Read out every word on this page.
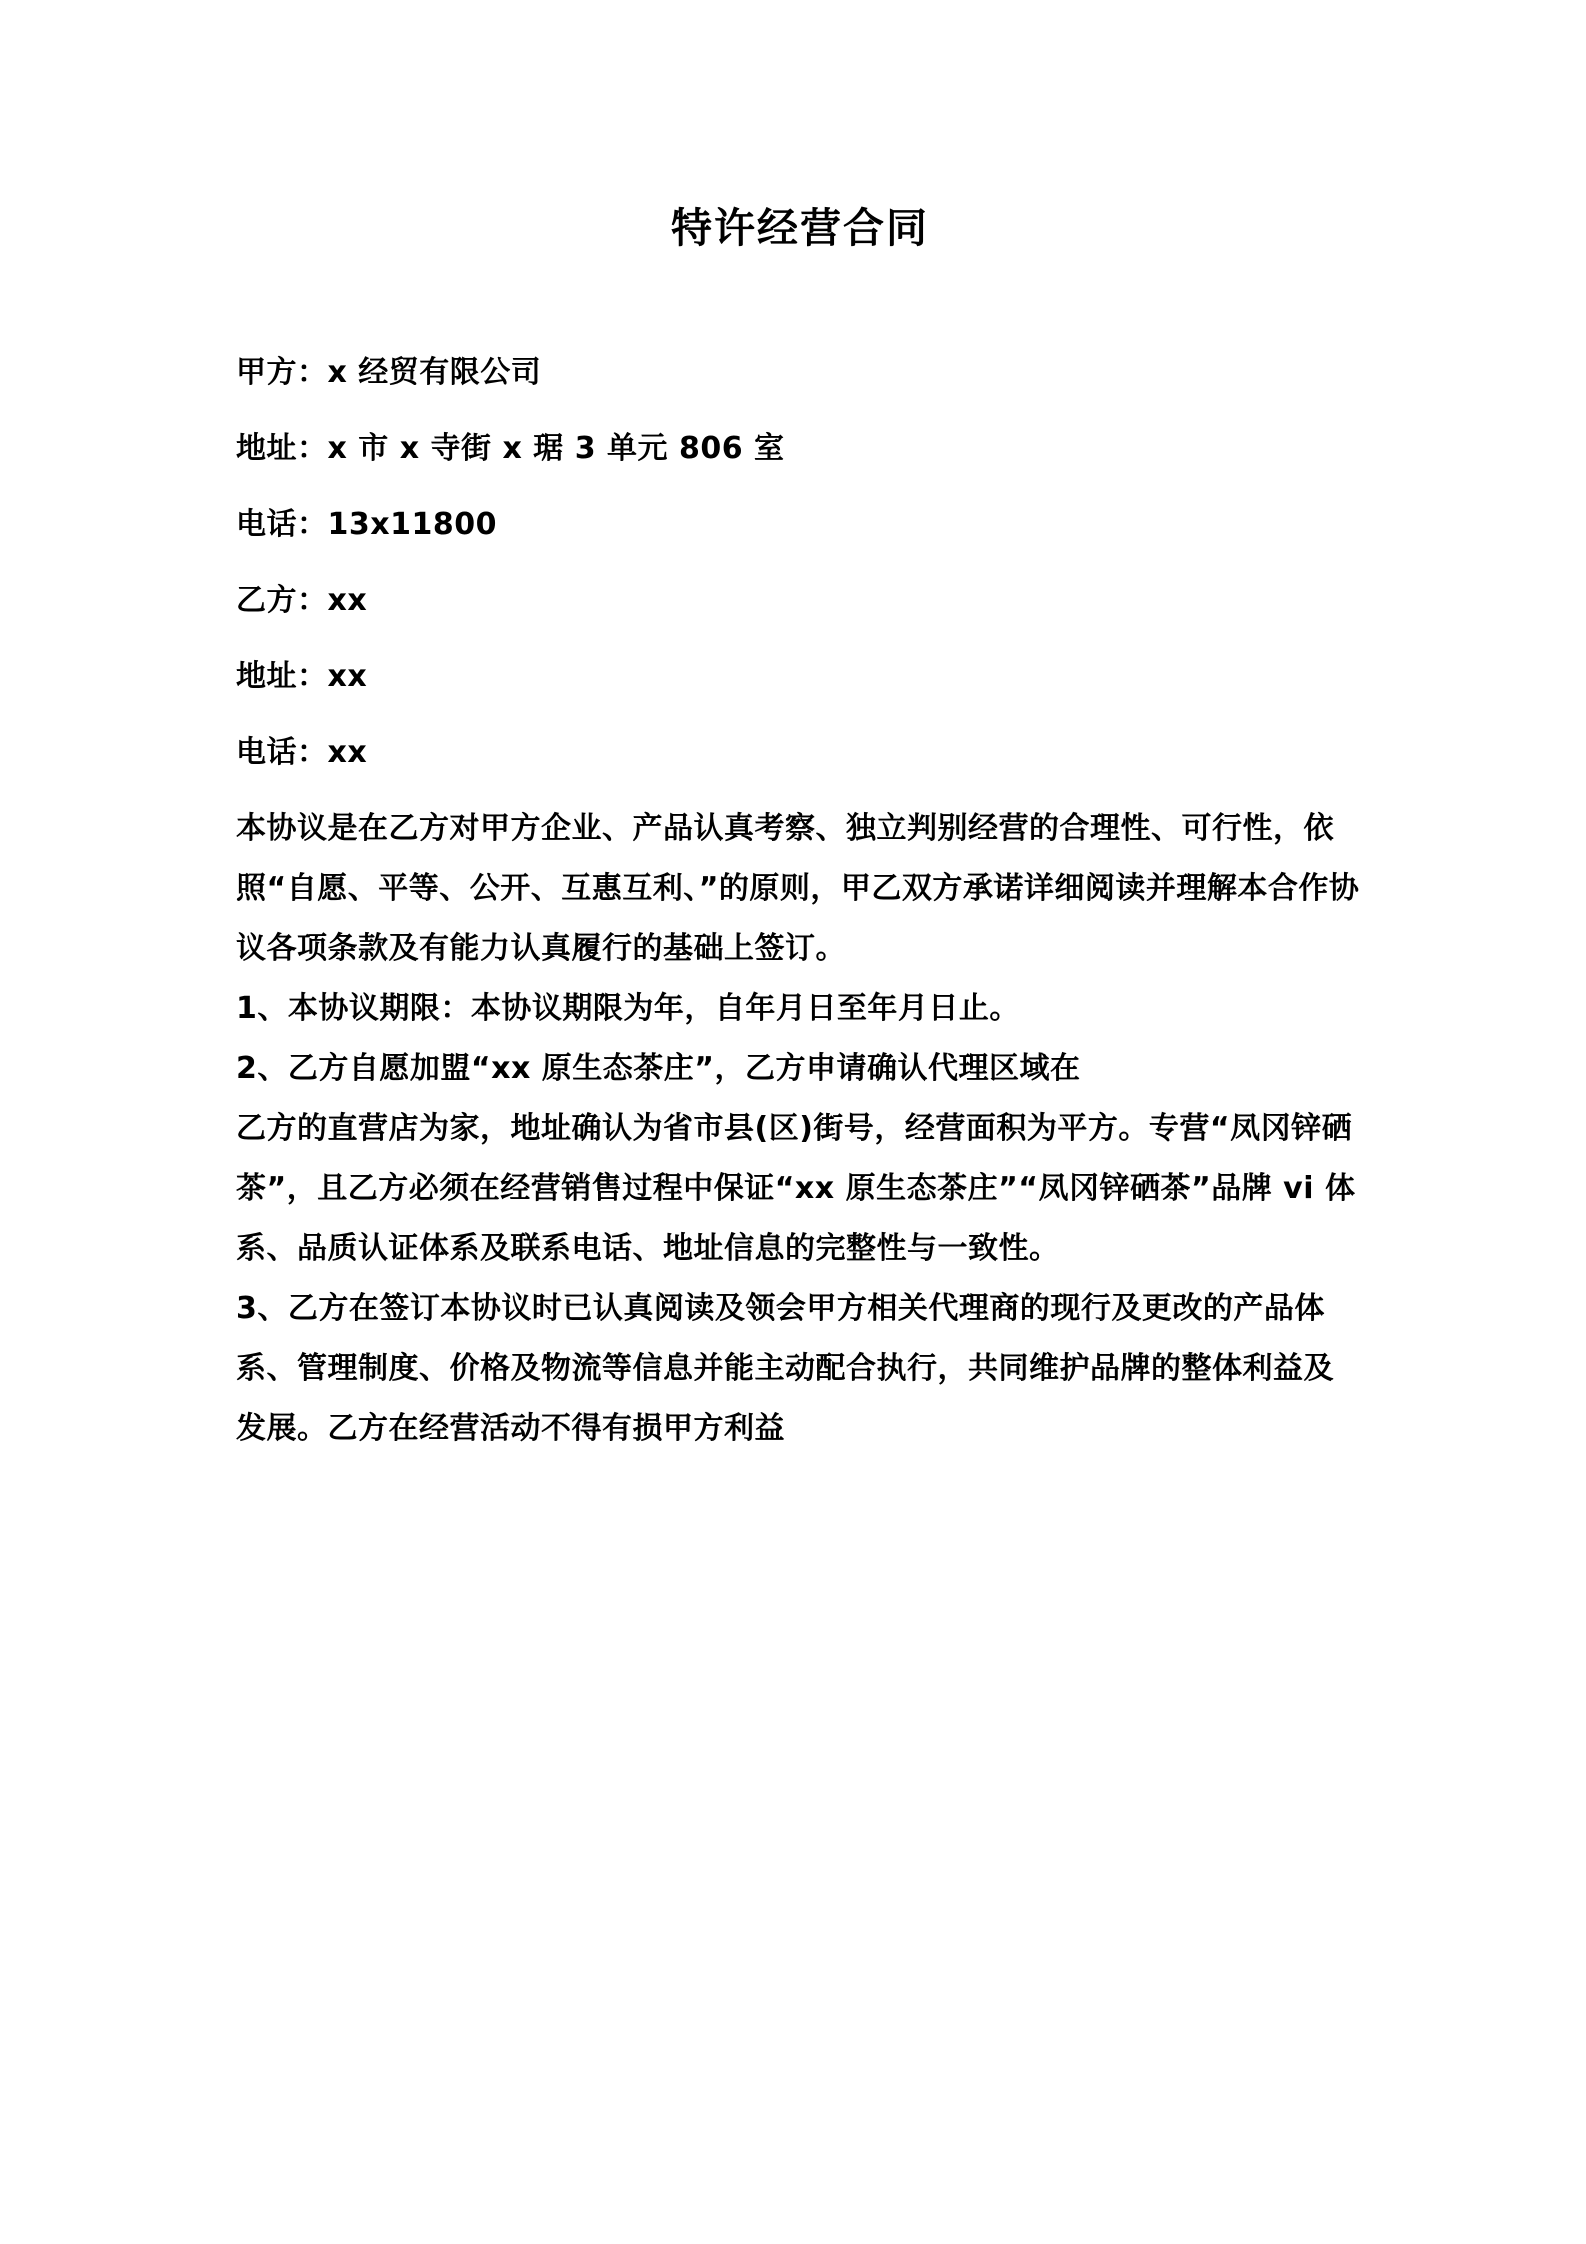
特许经营合同

甲方：x 经贸有限公司

地址：x 市 x 寺街 x 琚 3 单元 806 室

电话：13x11800

乙方：xx

地址：xx

电话：xx

本协议是在乙方对甲方企业、产品认真考察、独立判别经营的合理性、可行性，依照“自愿、平等、公开、互惠互利、”的原则，甲乙双方承诺详细阅读并理解本合作协议各项条款及有能力认真履行的基础上签订。

1、本协议期限：本协议期限为年，自年月日至年月日止。

2、乙方自愿加盟“xx 原生态茶庄”，乙方申请确认代理区域在

乙方的直营店为家，地址确认为省市县(区)街号，经营面积为平方。专营“凤冈锌硒茶”，且乙方必须在经营销售过程中保证“xx 原生态茶庄”“凤冈锌硒茶”品牌 vi 体系、品质认证体系及联系电话、地址信息的完整性与一致性。

3、乙方在签订本协议时已认真阅读及领会甲方相关代理商的现行及更改的产品体系、管理制度、价格及物流等信息并能主动配合执行，共同维护品牌的整体利益及发展。乙方在经营活动不得有损甲方利益
